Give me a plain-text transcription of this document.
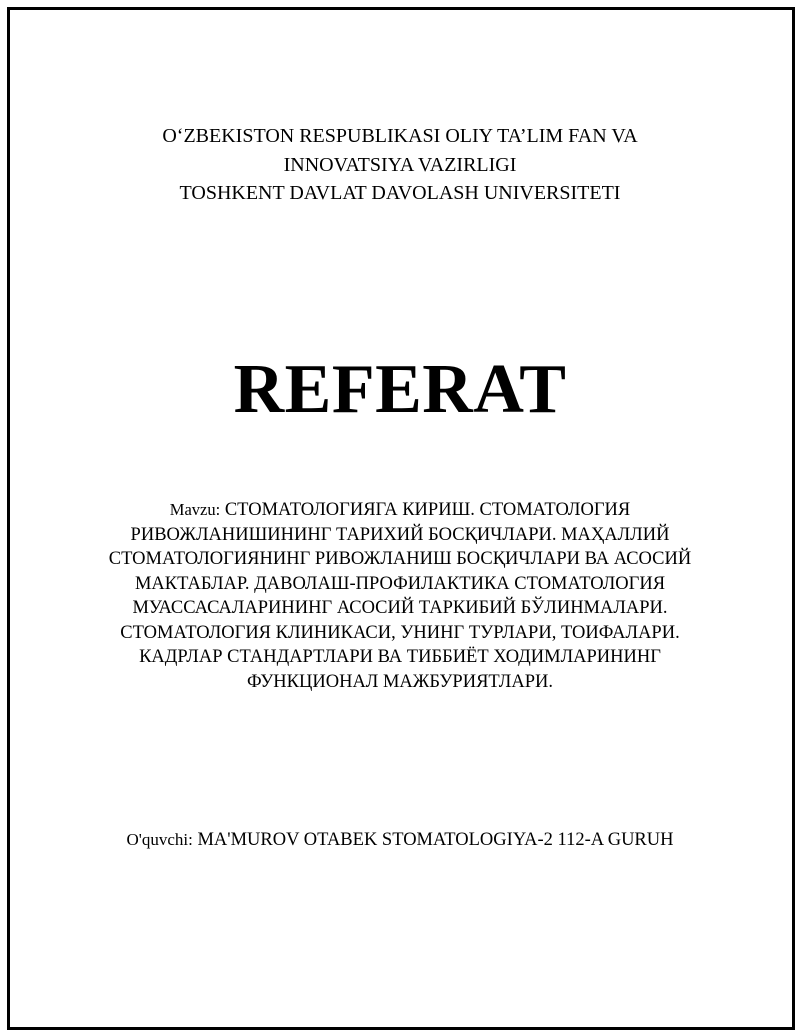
O‘ZBEKISTON RESPUBLIKASI OLIY TA’LIM FAN VA
INNOVATSIYA VAZIRLIGI
TOSHKENT DAVLAT DAVOLASH UNIVERSITETI
REFERAT
Mavzu: СТОМАТОЛОГИЯГА КИРИШ. СТОМАТОЛОГИЯ РИВОЖЛАНИШИНИНГ ТАРИХИЙ БОСҚИЧЛАРИ. МАҲАЛЛИЙ СТОМАТОЛОГИЯНИНГ РИВОЖЛАНИШ БОСҚИЧЛАРИ ВА АСОСИЙ МАКТАБЛАР. ДАВОЛАШ-ПРОФИЛАКТИКА СТОМАТОЛОГИЯ МУАССАСАЛАРИНИНГ АСОСИЙ ТАРКИБИЙ БЎЛИНМАЛАРИ. СТОМАТОЛОГИЯ КЛИНИКАСИ, УНИНГ ТУРЛАРИ, ТОИФАЛАРИ. КАДРЛАР СТАНДАРТЛАРИ ВА ТИББИЁТ ХОДИМЛАРИНИНГ ФУНКЦИОНАЛ МАЖБУРИЯТЛАРИ.
O'quvchi: MA'MUROV OTABEK STOMATOLOGIYA-2 112-A GURUH
